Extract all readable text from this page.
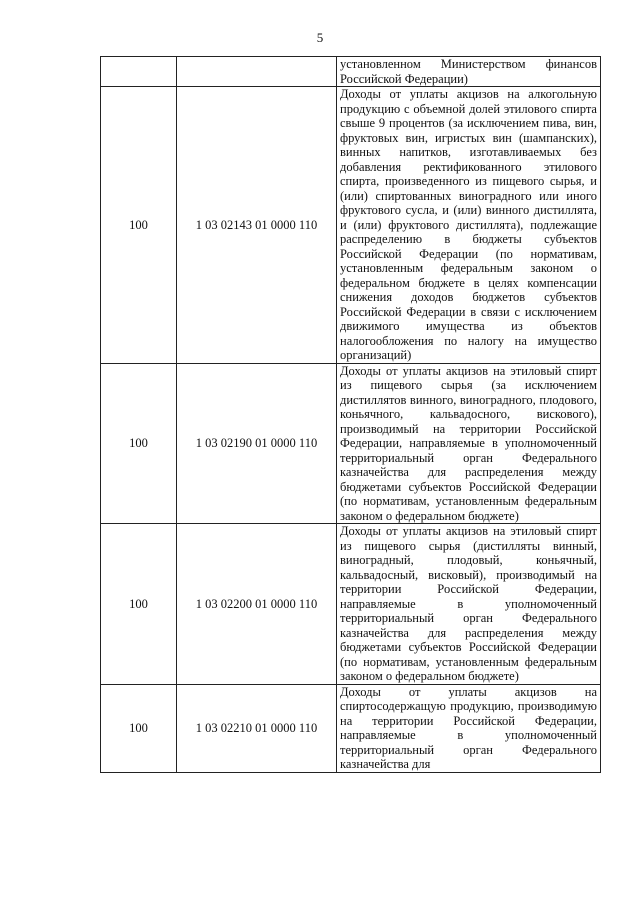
5

		установленном Министерством финансов Российской Федерации)

100	1 03 02143 01 0000 110	Доходы от уплаты акцизов на алкогольную продукцию с объемной долей этилового спирта свыше 9 процентов (за исключением пива, вин, фруктовых вин, игристых вин (шампанских), винных напитков, изготавливаемых без добавления ректификованного этилового спирта, произведенного из пищевого сырья, и (или) спиртованных виноградного или иного фруктового сусла, и (или) винного дистиллята, и (или) фруктового дистиллята), подлежащие распределению в бюджеты субъектов Российской Федерации (по нормативам, установленным федеральным законом о федеральном бюджете в целях компенсации снижения доходов бюджетов субъектов Российской Федерации в связи с исключением движимого имущества из объектов налогообложения по налогу на имущество организаций)

100	1 03 02190 01 0000 110	Доходы от уплаты акцизов на этиловый спирт из пищевого сырья (за исключением дистиллятов винного, виноградного, плодового, коньячного, кальвадосного, вискового), производимый на территории Российской Федерации, направляемые в уполномоченный территориальный орган Федерального казначейства для распределения между бюджетами субъектов Российской Федерации (по нормативам, установленным федеральным законом о федеральном бюджете)

100	1 03 02200 01 0000 110	Доходы от уплаты акцизов на этиловый спирт из пищевого сырья (дистилляты винный, виноградный, плодовый, коньячный, кальвадосный, висковый), производимый на территории Российской Федерации, направляемые в уполномоченный территориальный орган Федерального казначейства для распределения между бюджетами субъектов Российской Федерации (по нормативам, установленным федеральным законом о федеральном бюджете)

100	1 03 02210 01 0000 110	Доходы от уплаты акцизов на спиртосодержащую продукцию, производимую на территории Российской Федерации, направляемые в уполномоченный территориальный орган Федерального казначейства для
